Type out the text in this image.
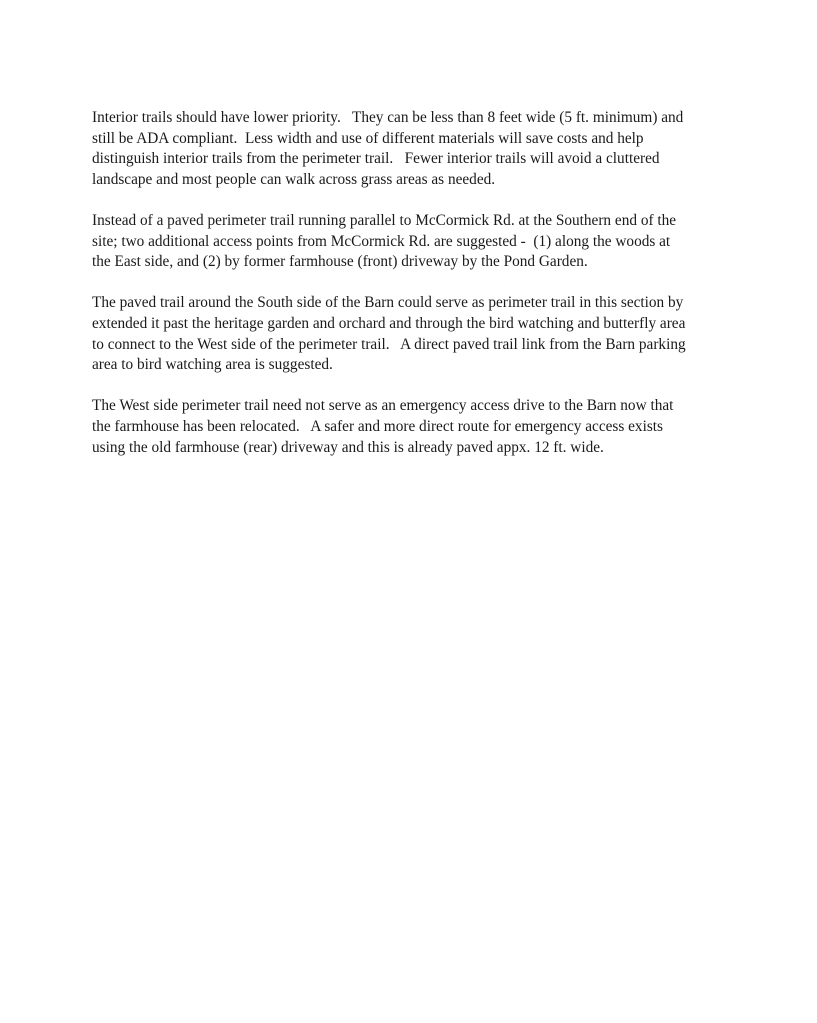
Interior trails should have lower priority.   They can be less than 8 feet wide (5 ft. minimum) and
still be ADA compliant.  Less width and use of different materials will save costs and help
distinguish interior trails from the perimeter trail.   Fewer interior trails will avoid a cluttered
landscape and most people can walk across grass areas as needed.

Instead of a paved perimeter trail running parallel to McCormick Rd. at the Southern end of the
site; two additional access points from McCormick Rd. are suggested -  (1) along the woods at
the East side, and (2) by former farmhouse (front) driveway by the Pond Garden.

The paved trail around the South side of the Barn could serve as perimeter trail in this section by
extended it past the heritage garden and orchard and through the bird watching and butterfly area
to connect to the West side of the perimeter trail.   A direct paved trail link from the Barn parking
area to bird watching area is suggested.

The West side perimeter trail need not serve as an emergency access drive to the Barn now that
the farmhouse has been relocated.   A safer and more direct route for emergency access exists
using the old farmhouse (rear) driveway and this is already paved appx. 12 ft. wide.
